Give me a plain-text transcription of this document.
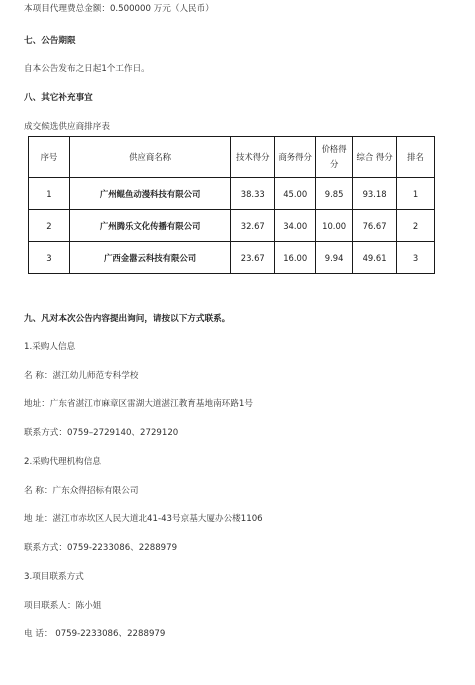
本项目代理费总金额：0.500000 万元（人民币）
七、公告期限
自本公告发布之日起1个工作日。
八、其它补充事宜
成交候选供应商排序表
序号	供应商名称	技术得分	商务得分	价格得分	综合 得分	排名
1	广州鲲鱼动漫科技有限公司	38.33	45.00	9.85	93.18	1
2	广州腾乐文化传播有限公司	32.67	34.00	10.00	76.67	2
3	广西金嚣云科技有限公司	23.67	16.00	9.94	49.61	3
九、凡对本次公告内容提出询问，请按以下方式联系。
1.采购人信息
名 称：湛江幼儿师范专科学校
地址：广东省湛江市麻章区雷湖大道湛江教育基地南环路1号
联系方式：0759–2729140、2729120
2.采购代理机构信息
名 称：广东众得招标有限公司
地 址：湛江市赤坎区人民大道北41-43号京基大厦办公楼1106
联系方式：0759-2233086、2288979
3.项目联系方式
项目联系人：陈小姐
电 话： 0759-2233086、2288979
